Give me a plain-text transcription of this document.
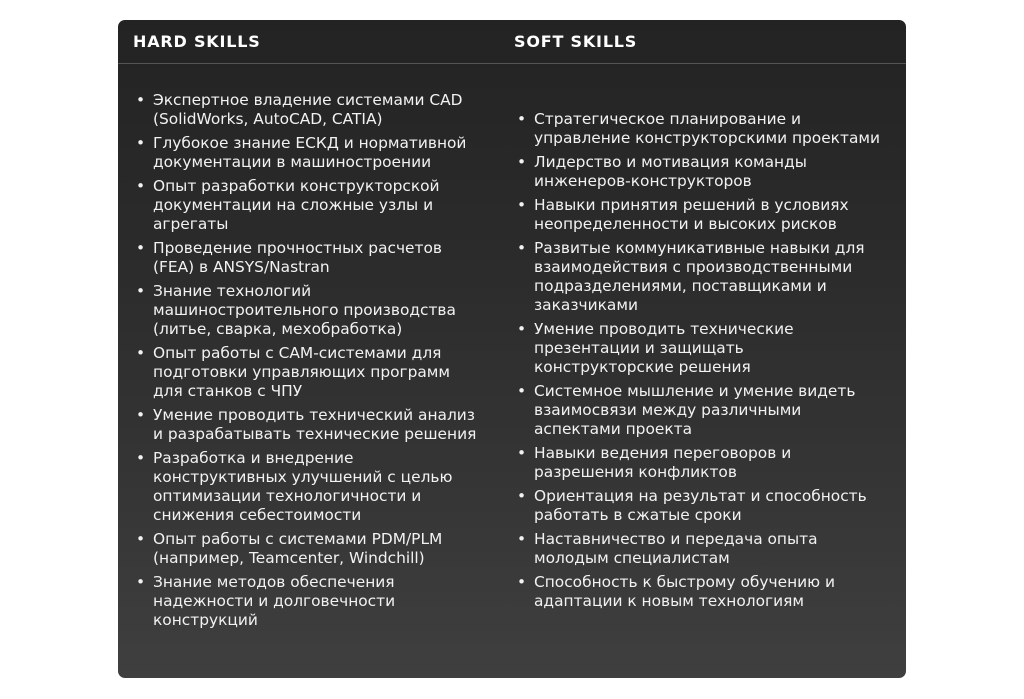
HARD SKILLS	SOFT SKILLS
• Экспертное владение системами CAD (SolidWorks, AutoCAD, CATIA)
• Глубокое знание ЕСКД и нормативной документации в машиностроении
• Опыт разработки конструкторской документации на сложные узлы и агрегаты
• Проведение прочностных расчетов (FEA) в ANSYS/Nastran
• Знание технологий машиностроительного производства (литье, сварка, мехобработка)
• Опыт работы с CAM-системами для подготовки управляющих программ для станков с ЧПУ
• Умение проводить технический анализ и разрабатывать технические решения
• Разработка и внедрение конструктивных улучшений с целью оптимизации технологичности и снижения себестоимости
• Опыт работы с системами PDM/PLM (например, Teamcenter, Windchill)
• Знание методов обеспечения надежности и долговечности конструкций
• Стратегическое планирование и управление конструкторскими проектами
• Лидерство и мотивация команды инженеров-конструкторов
• Навыки принятия решений в условиях неопределенности и высоких рисков
• Развитые коммуникативные навыки для взаимодействия с производственными подразделениями, поставщиками и заказчиками
• Умение проводить технические презентации и защищать конструкторские решения
• Системное мышление и умение видеть взаимосвязи между различными аспектами проекта
• Навыки ведения переговоров и разрешения конфликтов
• Ориентация на результат и способность работать в сжатые сроки
• Наставничество и передача опыта молодым специалистам
• Способность к быстрому обучению и адаптации к новым технологиям
